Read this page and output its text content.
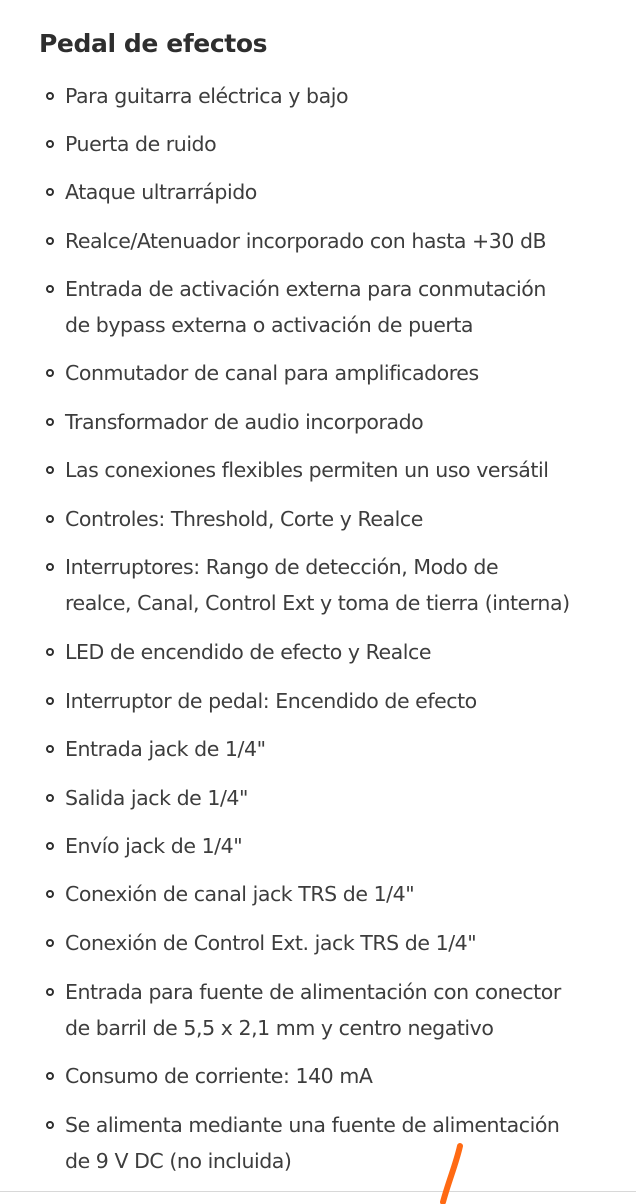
Pedal de efectos
Para guitarra eléctrica y bajo
Puerta de ruido
Ataque ultrarrápido
Realce/Atenuador incorporado con hasta +30 dB
Entrada de activación externa para conmutación
de bypass externa o activación de puerta
Conmutador de canal para amplificadores
Transformador de audio incorporado
Las conexiones flexibles permiten un uso versátil
Controles: Threshold, Corte y Realce
Interruptores: Rango de detección, Modo de
realce, Canal, Control Ext y toma de tierra (interna)
LED de encendido de efecto y Realce
Interruptor de pedal: Encendido de efecto
Entrada jack de 1/4"
Salida jack de 1/4"
Envío jack de 1/4"
Conexión de canal jack TRS de 1/4"
Conexión de Control Ext. jack TRS de 1/4"
Entrada para fuente de alimentación con conector
de barril de 5,5 x 2,1 mm y centro negativo
Consumo de corriente: 140 mA
Se alimenta mediante una fuente de alimentación
de 9 V DC (no incluida)
